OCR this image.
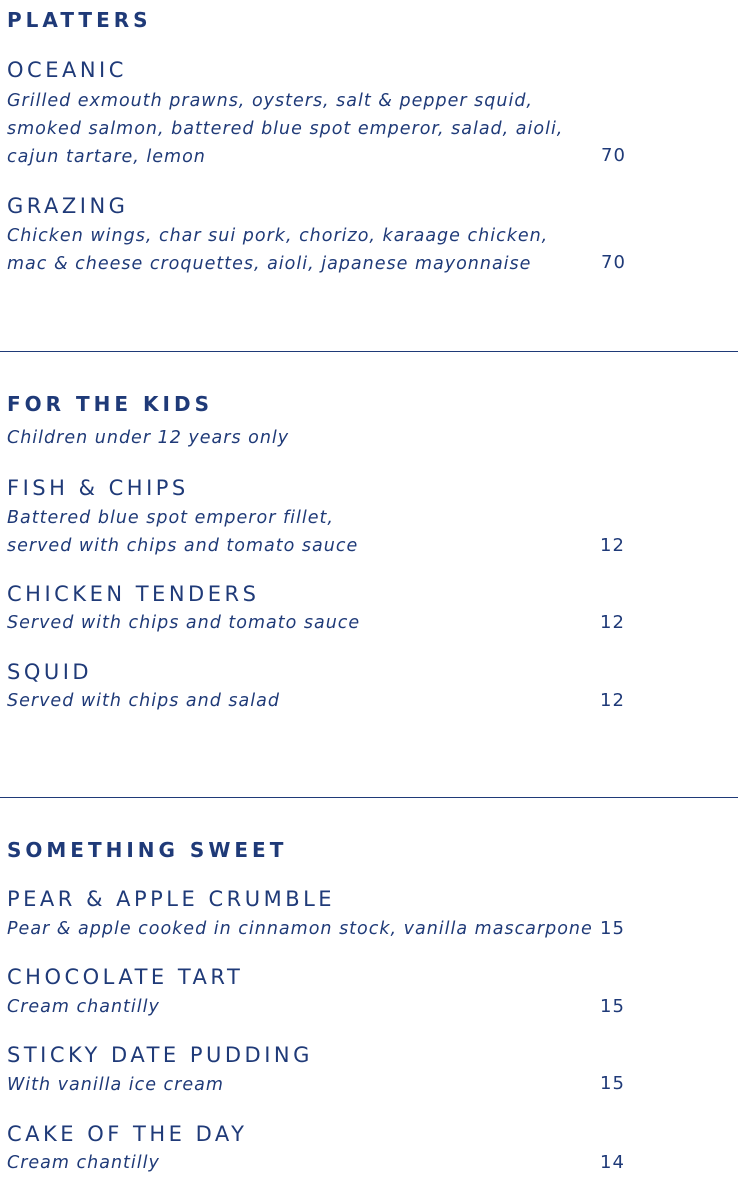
PLATTERS
OCEANIC
Grilled exmouth prawns, oysters, salt & pepper squid,
smoked salmon, battered blue spot emperor, salad, aioli,
cajun tartare, lemon	70
GRAZING
Chicken wings, char sui pork, chorizo, karaage chicken,
mac & cheese croquettes, aioli, japanese mayonnaise	70
FOR THE KIDS
Children under 12 years only
FISH & CHIPS
Battered blue spot emperor fillet,
served with chips and tomato sauce	12
CHICKEN TENDERS
Served with chips and tomato sauce	12
SQUID
Served with chips and salad	12
SOMETHING SWEET
PEAR & APPLE CRUMBLE
Pear & apple cooked in cinnamon stock, vanilla mascarpone 15
CHOCOLATE TART
Cream chantilly	15
STICKY DATE PUDDING
With vanilla ice cream	15
CAKE OF THE DAY
Cream chantilly	14
